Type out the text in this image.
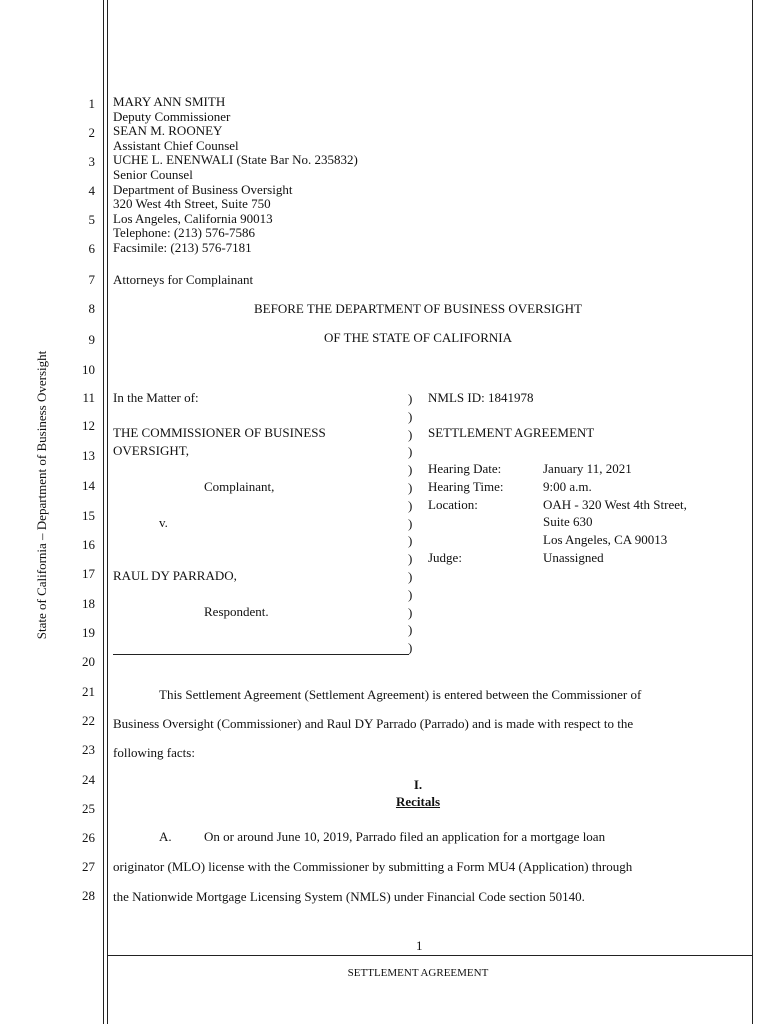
State of California – Department of Business Oversight
1
2
3
4
5
6
7
8
9
10
11
12
13
14
15
16
17
18
19
20
21
22
23
24
25
26
27
28
MARY ANN SMITH
Deputy Commissioner
SEAN M. ROONEY
Assistant Chief Counsel
UCHE L. ENENWALI (State Bar No. 235832)
Senior Counsel
Department of Business Oversight
320 West 4th Street, Suite 750
Los Angeles, California 90013
Telephone: (213) 576-7586
Facsimile: (213) 576-7181
Attorneys for Complainant
BEFORE THE DEPARTMENT OF BUSINESS OVERSIGHT
OF THE STATE OF CALIFORNIA
In the Matter of:
THE COMMISSIONER OF BUSINESS
OVERSIGHT,
Complainant,
v.
RAUL DY PARRADO,
Respondent.
)
)
)
)
)
)
)
)
)
)
)
)
)
)
)
NMLS ID: 1841978
SETTLEMENT AGREEMENT
Hearing Date:
Hearing Time:
Location:
Judge:
January 11, 2021
9:00 a.m.
OAH - 320 West 4th Street,
Suite 630
Los Angeles, CA 90013
Unassigned
This Settlement Agreement (Settlement Agreement) is entered between the Commissioner of
Business Oversight (Commissioner) and Raul DY Parrado (Parrado) and is made with respect to the
following facts:
I.
Recitals
A. On or around June 10, 2019, Parrado filed an application for a mortgage loan
originator (MLO) license with the Commissioner by submitting a Form MU4 (Application) through
the Nationwide Mortgage Licensing System (NMLS) under Financial Code section 50140.
1
SETTLEMENT AGREEMENT
